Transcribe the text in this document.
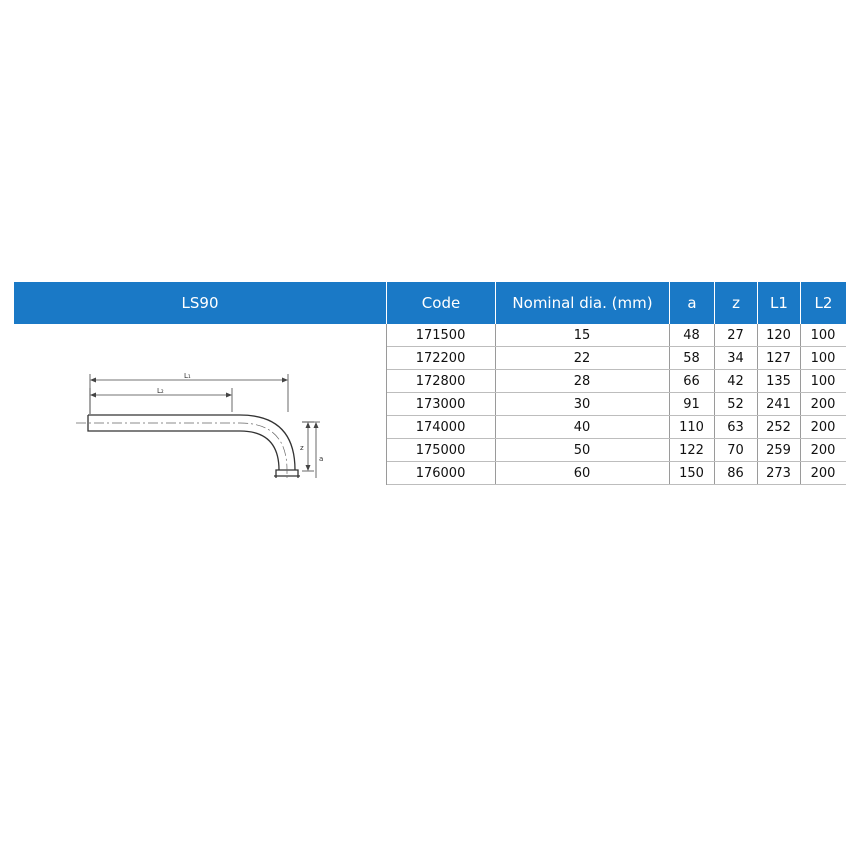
LS90	Code	Nominal dia. (mm)	a	z	L1	L2
L₁
L₂
z
a
171500	15	48	27	120	100
172200	22	58	34	127	100
172800	28	66	42	135	100
173000	30	91	52	241	200
174000	40	110	63	252	200
175000	50	122	70	259	200
176000	60	150	86	273	200
